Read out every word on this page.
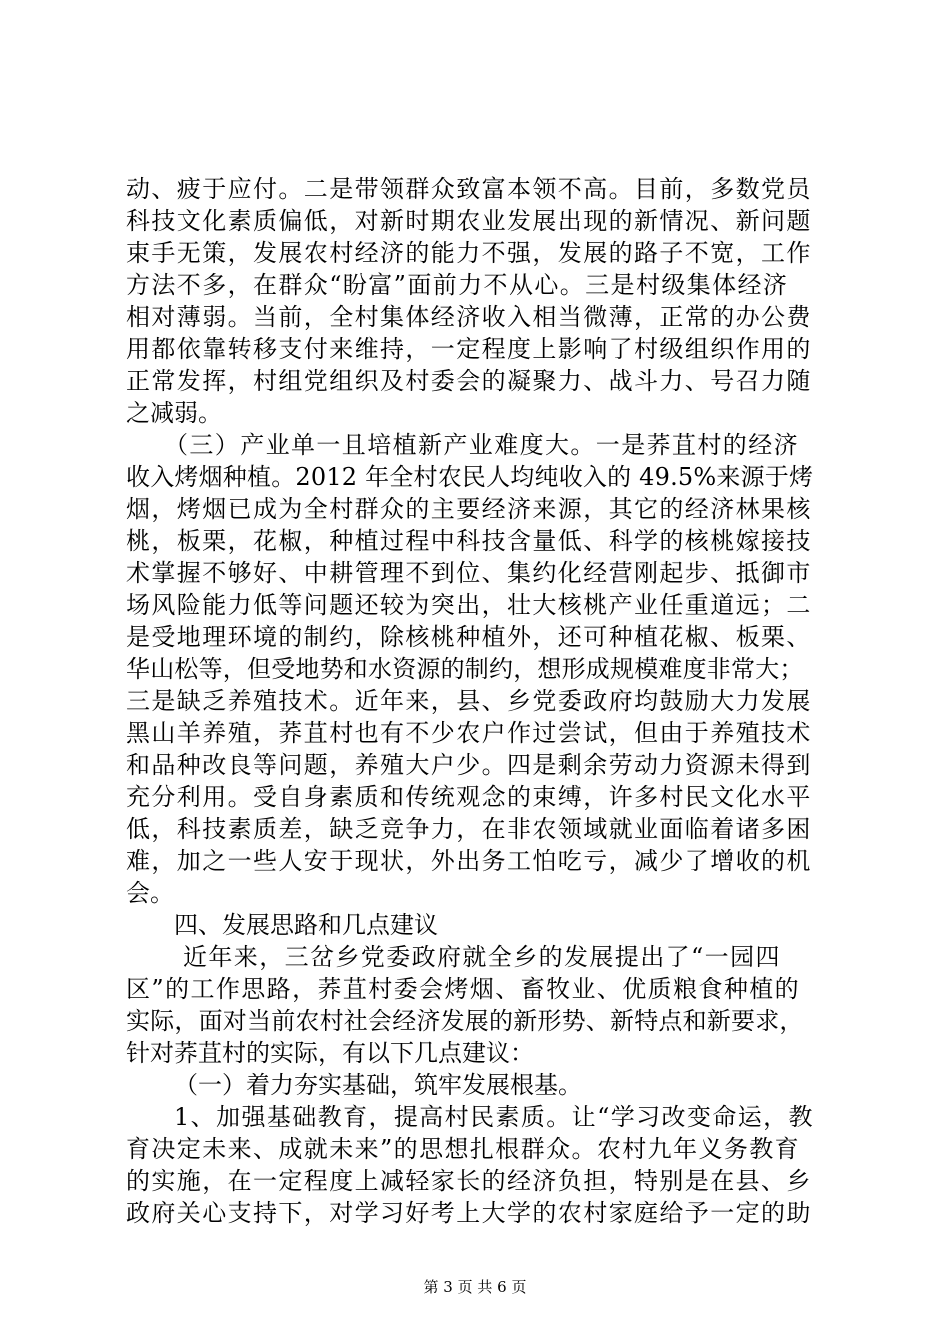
动、疲于应付。二是带领群众致富本领不高。目前，多数党员
科技文化素质偏低，对新时期农业发展出现的新情况、新问题
束手无策，发展农村经济的能力不强，发展的路子不宽，工作
方法不多，在群众“盼富”面前力不从心。三是村级集体经济
相对薄弱。当前，全村集体经济收入相当微薄，正常的办公费
用都依靠转移支付来维持，一定程度上影响了村级组织作用的
正常发挥，村组党组织及村委会的凝聚力、战斗力、号召力随
之减弱。
（三）产业单一且培植新产业难度大。一是荞苴村的经济
收入烤烟种植。2012 年全村农民人均纯收入的 49.5%来源于烤
烟，烤烟已成为全村群众的主要经济来源，其它的经济林果核
桃，板栗，花椒，种植过程中科技含量低、科学的核桃嫁接技
术掌握不够好、中耕管理不到位、集约化经营刚起步、抵御市
场风险能力低等问题还较为突出，壮大核桃产业任重道远；二
是受地理环境的制约，除核桃种植外，还可种植花椒、板栗、
华山松等，但受地势和水资源的制约，想形成规模难度非常大；
三是缺乏养殖技术。近年来，县、乡党委政府均鼓励大力发展
黑山羊养殖，荞苴村也有不少农户作过尝试，但由于养殖技术
和品种改良等问题，养殖大户少。四是剩余劳动力资源未得到
充分利用。受自身素质和传统观念的束缚，许多村民文化水平
低，科技素质差，缺乏竞争力，在非农领域就业面临着诸多困
难，加之一些人安于现状，外出务工怕吃亏，减少了增收的机
会。
四、发展思路和几点建议
近年来，三岔乡党委政府就全乡的发展提出了“一园四
区”的工作思路，荞苴村委会烤烟、畜牧业、优质粮食种植的
实际，面对当前农村社会经济发展的新形势、新特点和新要求，
针对荞苴村的实际，有以下几点建议：
（一）着力夯实基础，筑牢发展根基。
1、加强基础教育，提高村民素质。让“学习改变命运，教
育决定未来、成就未来”的思想扎根群众。农村九年义务教育
的实施，在一定程度上减轻家长的经济负担，特别是在县、乡
政府关心支持下，对学习好考上大学的农村家庭给予一定的助
第 3 页 共 6 页
